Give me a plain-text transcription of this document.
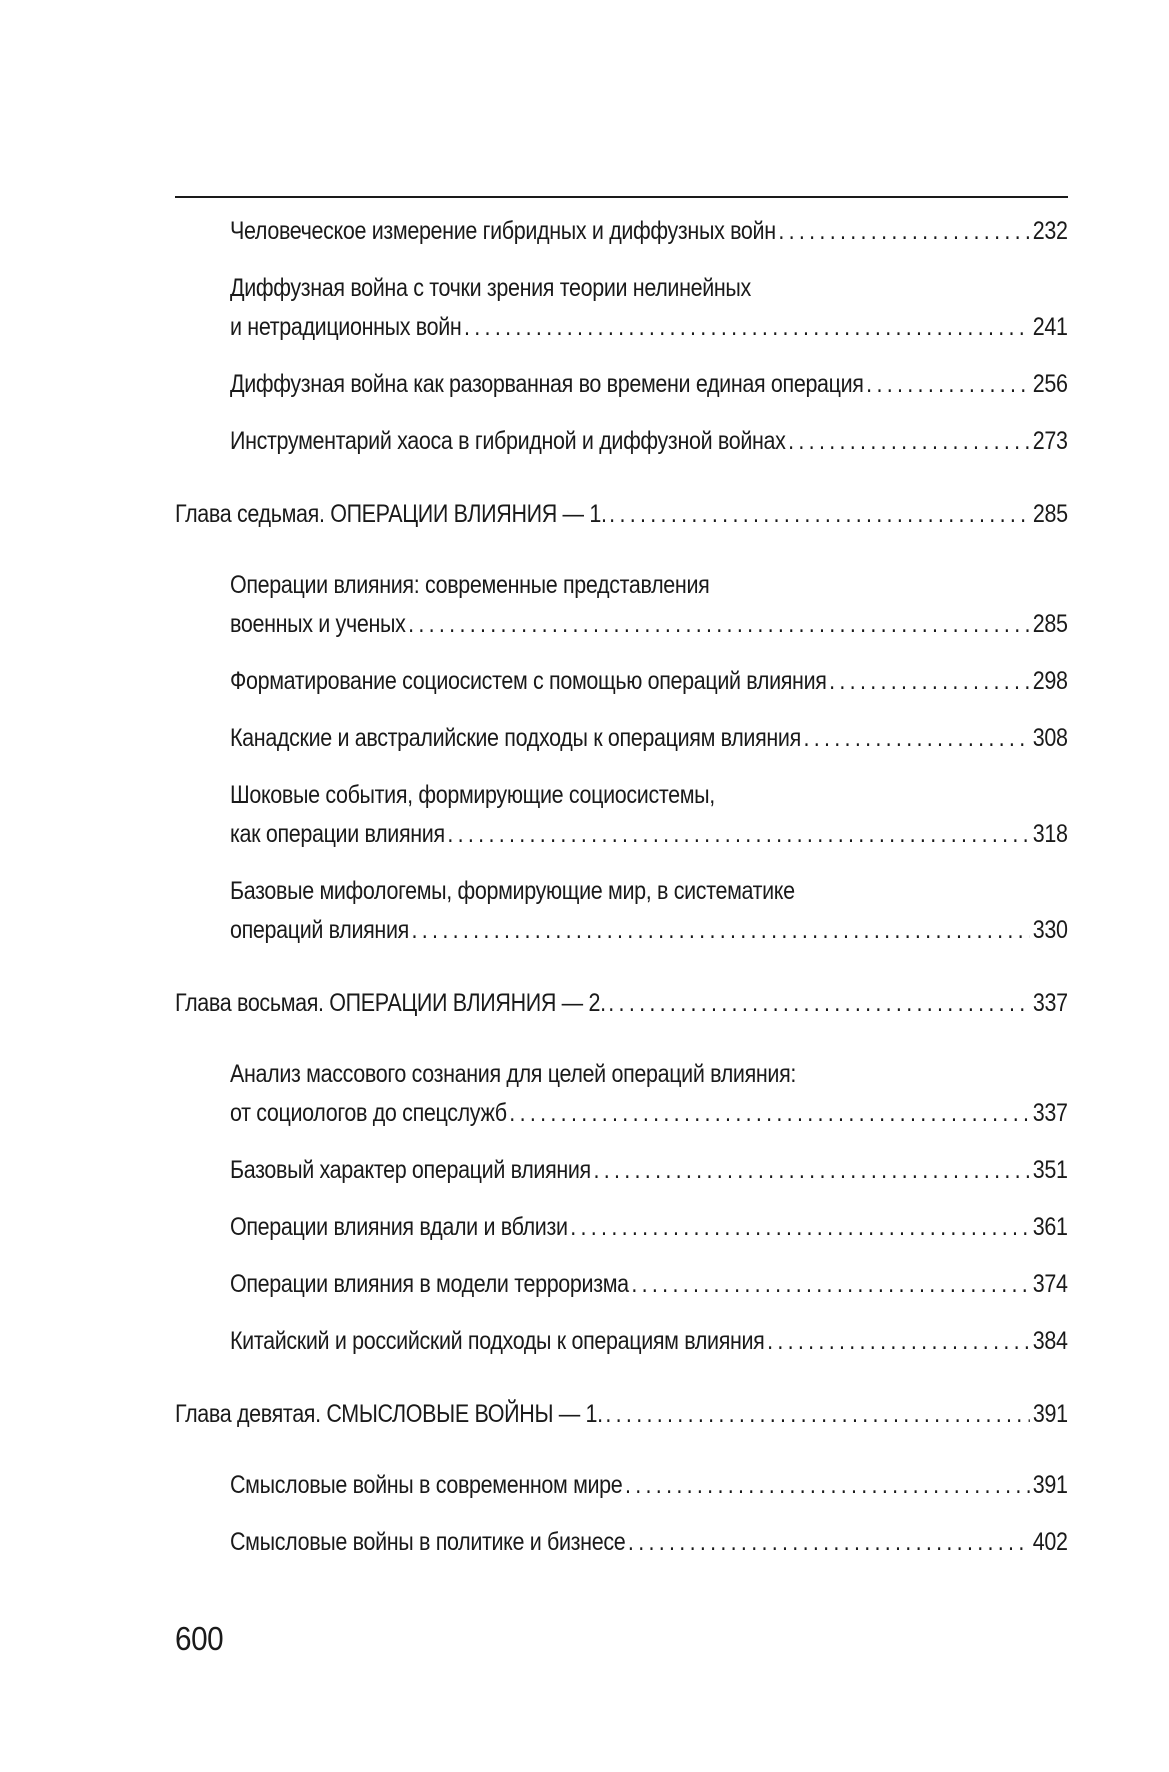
Человеческое измерение гибридных и диффузных войн .....	232
Диффузная война с точки зрения теории нелинейных
и нетрадиционных войн .....	241
Диффузная война как разорванная во времени единая операция .....	256
Инструментарий хаоса в гибридной и диффузной войнах .....	273
Глава седьмая. ОПЕРАЦИИ ВЛИЯНИЯ — 1. .....	285
Операции влияния: современные представления
военных и ученых .....	285
Форматирование социосистем с помощью операций влияния .....	298
Канадские и австралийские подходы к операциям влияния .....	308
Шоковые события, формирующие социосистемы,
как операции влияния .....	318
Базовые мифологемы, формирующие мир, в систематике
операций влияния .....	330
Глава восьмая. ОПЕРАЦИИ ВЛИЯНИЯ — 2. .....	337
Анализ массового сознания для целей операций влияния:
от социологов до спецслужб .....	337
Базовый характер операций влияния .....	351
Операции влияния вдали и вблизи .....	361
Операции влияния в модели терроризма .....	374
Китайский и российский подходы к операциям влияния .....	384
Глава девятая. СМЫСЛОВЫЕ ВОЙНЫ — 1. .....	391
Смысловые войны в современном мире .....	391
Смысловые войны в политике и бизнесе .....	402
600
